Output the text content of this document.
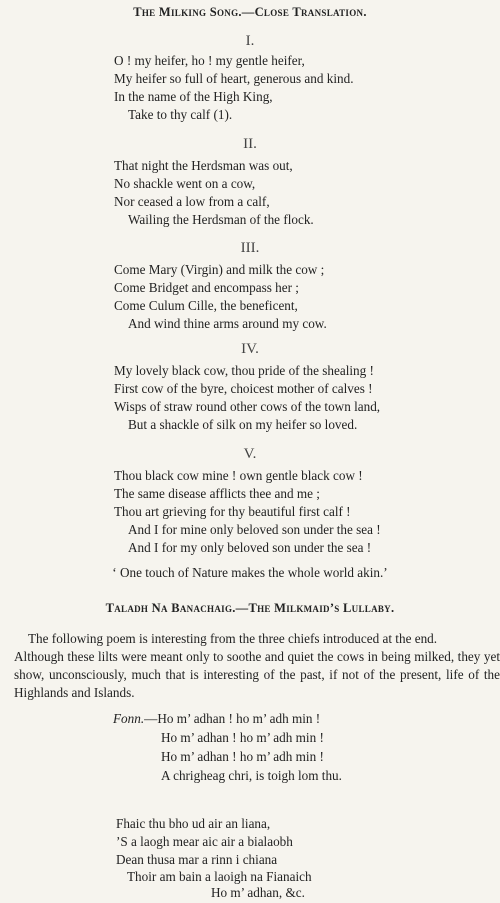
The Milking Song.—Close Translation.
I.
O ! my heifer, ho ! my gentle heifer,
My heifer so full of heart, generous and kind.
In the name of the High King,
Take to thy calf (1).
II.
That night the Herdsman was out,
No shackle went on a cow,
Nor ceased a low from a calf,
Wailing the Herdsman of the flock.
III.
Come Mary (Virgin) and milk the cow ;
Come Bridget and encompass her ;
Come Culum Cille, the beneficent,
And wind thine arms around my cow.
IV.
My lovely black cow, thou pride of the shealing !
First cow of the byre, choicest mother of calves !
Wisps of straw round other cows of the town land,
But a shackle of silk on my heifer so loved.
V.
Thou black cow mine ! own gentle black cow !
The same disease afflicts thee and me ;
Thou art grieving for thy beautiful first calf !
And I for mine only beloved son under the sea !
And I for my only beloved son under the sea !
‘ One touch of Nature makes the whole world akin.’
Taladh Na Banachaig.—The Milkmaid’s Lullaby.
The following poem is interesting from the three chiefs introduced at the end.
Although these lilts were meant only to soothe and quiet the cows in being milked, they yet show, unconsciously, much that is interesting of the past, if not of the present, life of the Highlands and Islands.
Fonn.—Ho m’ adhan ! ho m’ adh min !
Ho m’ adhan ! ho m’ adh min !
Ho m’ adhan ! ho m’ adh min !
A chrigheag chri, is toigh lom thu.
Fhaic thu bho ud air an liana,
’S a laogh mear aic air a bialaobh
Dean thusa mar a rinn i chiana
Thoir am bain a laoigh na Fianaich
Ho m’ adhan, &c.
